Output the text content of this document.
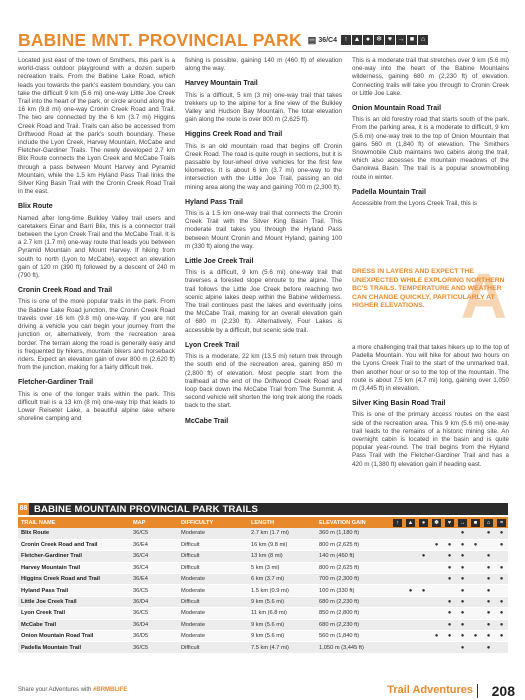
BABINE MNT. PROVINCIAL PARK ▤ 36/C4	↑ ▲ ● ❄ ♥ → ■ ⌂

Located just east of the town of Smithers, this park is a world-class outdoor playground with a dozen superb recreation trails. From the Babine Lake Road, which leads you towards the park's eastern boundary, you can take the difficult 9 km (5.6 mi) one-way Little Joe Creek Trail into the heart of the park, or circle around along the 16 km (9.8 mi) one-way Cronin Creek Road and Trail. The two are connected by the 6 km (3.7 mi) Higgins Creek Road and Trail. Trails can also be accessed from Driftwood Road at the park's south boundary. These include the Lyon Creek, Harvey Mountain, McCabe and Fletcher-Gardiner Trails. The newly developed 2.7 km Blix Route connects the Lyon Creek and McCabe Trails through a pass between Mount Harvey and Pyramid Mountain, while the 1.5 km Hyland Pass Trail links the Silver King Basin Trail with the Cronin Creek Road Trail in the east.

Blix Route

Named after long-time Bulkley Valley trail users and caretakers Einar and Barri Blix, this is a connector trail between the Lyon Creek Trail and the McCabe Trail. It is a 2.7 km (1.7 mi) one-way route that leads you between Pyramid Mountain and Mount Harvey. If hiking from south to north (Lyon to McCabe), expect an elevation gain of 120 m (390 ft) followed by a descent of 240 m (790 ft).

Cronin Creek Road and Trail

This is one of the more popular trails in the park. From the Babine Lake Road junction, the Cronin Creek Road travels over 16 km (9.8 mi) one-way. If you are not driving a vehicle you can begin your journey from the junction or, alternatively, from the recreation area border. The terrain along the road is generally easy and is frequented by hikers, mountain bikers and horseback riders. Expect an elevation gain of over 800 m (2,620 ft) from the junction, making for a fairly difficult trek.

Fletcher-Gardiner Trail

This is one of the longer trails within the park. This difficult trail is a 13 km (8 mi) one-way trip that leads to Lower Reiseter Lake, a beautiful alpine lake where shoreline camping and

fishing is possible, gaining 140 m (460 ft) of elevation along the way.

Harvey Mountain Trail

This is a difficult, 5 km (3 mi) one-way trail that takes trekkers up to the alpine for a fine view of the Bulkley Valley and Hudson Bay Mountain. The total elevation gain along the route is over 800 m (2,625 ft).

Higgins Creek Road and Trail

This is an old mountain road that begins off Cronin Creek Road. The road is quite rough in sections, but it is passable by four-wheel drive vehicles for the first few kilometres. It is about 6 km (3.7 mi) one-way to the intersection with the Little Joe Trail, passing an old mining area along the way and gaining 700 m (2,300 ft).

Hyland Pass Trail

This is a 1.5 km one-way trail that connects the Cronin Creek Trail with the Silver King Basin Trail. This moderate trail takes you through the Hyland Pass between Mount Cronin and Mount Hyland, gaining 100 m (330 ft) along the way.

Little Joe Creek Trail

This is a difficult, 9 km (5.6 mi) one-way trail that traverses a forested slope enroute to the alpine. The trail follows the Little Joe Creek before reaching two scenic alpine lakes deep within the Babine wilderness. The trail continues past the lakes and eventually joins the McCabe Trail, making for an overall elevation gain of 680 m (2,230 ft). Alternatively, Four Lakes is accessible by a difficult, but scenic side trail.

Lyon Creek Trail

This is a moderate, 22 km (13.5 mi) return trek through the south end of the recreation area, gaining 850 m (2,800 ft) of elevation. Most people start from the trailhead at the end of the Driftwood Creek Road and loop back down the McCabe Trail from The Summit. A second vehicle will shorten the long trek along the roads back to the start.

McCabe Trail

This is a moderate trail that stretches over 9 km (5.6 mi) one-way into the heart of the Babine Mountains wilderness, gaining 680 m (2,230 ft) of elevation. Connecting trails will take you through to Cronin Creek or Little Joe Lake.

Onion Mountain Road Trail

This is an old forestry road that starts south of the park. From the parking area, it is a moderate to difficult, 9 km (5.6 mi) one-way trek to the top of Onion Mountain that gains 560 m (1,840 ft) of elevation. The Smithers Snowmobile Club maintains two cabins along the trail, which also accesses the mountain meadows of the Ganokwa Basin. The trail is a popular snowmobiling route in winter.

Padella Mountain Trail

Accessible from the Lyons Creek Trail, this is

A
DRESS IN LAYERS AND EXPECT THE UNEXPECTED WHILE EXPLORING NORTHERN BC'S TRAILS. TEMPERATURE AND WEATHER CAN CHANGE QUICKLY, PARTICULARLY AT HIGHER ELEVATIONS.

a more challenging trail that takes hikers up to the top of Padella Mountain. You will hike for about two hours on the Lyons Creek Trail to the start of the unmarked trail, then another hour or so to the top of the mountain. The route is about 7.5 km (4.7 mi) long, gaining over 1,050 m (3,445 ft) in elevation.

Silver King Basin Road Trail

This is one of the primary access routes on the east side of the recreation area. This 9 km (5.6 mi) one-way trail leads to the remains of a historic mining site. An overnight cabin is located in the basin and is quite popular year-round. The trail begins from the Hyland Pass Trail with the Fletcher-Gardiner Trail and has a 420 m (1,380 ft) elevation gain if heading east.

88 BABINE MOUNTAIN PROVINCIAL PARK TRAILS
TRAIL NAME	MAP	DIFFICULTY	LENGTH	ELEVATION GAIN	↑	▲	●	❄	♥	→	■	⌂	≈
Blix Route	36/C5	Moderate	2.7 km (1.7 mi)	360 m (1,180 ft)						●		●	●
Cronin Creek Road and Trail	36/E4	Difficult	16 km (9.8 mi)	800 m (2,625 ft)				●	●	●	●		●
Fletcher-Gardiner Trail	36/C4	Difficult	13 km (8 mi)	140 m (460 ft)			●		●	●		●	
Harvey Mountain Trail	36/C4	Difficult	5 km (3 mi)	800 m (2,625 ft)					●	●		●	●
Higgins Creek Road and Trail	36/E4	Moderate	6 km (3.7 mi)	700 m (2,300 ft)					●	●		●	●
Hyland Pass Trail	36/C5	Moderate	1.5 km (0.9 mi)	100 m (330 ft)		●	●			●		●	
Little Joe Creek Trail	36/D4	Difficult	9 km (5.6 mi)	680 m (2,230 ft)					●	●		●	●
Lyon Creek Trail	36/C5	Moderate	11 km (6.8 mi)	850 m (2,800 ft)					●	●		●	●
McCabe Trail	36/D4	Moderate	9 km (5.6 mi)	680 m (2,230 ft)					●	●		●	●
Onion Mountain Road Trail	36/D5	Moderate	9 km (5.6 mi)	560 m (1,840 ft)				●	●	●	●	●	●
Padella Mountain Trail	36/C5	Difficult	7.5 km (4.7 mi)	1,050 m (3,445 ft)						●		●	
Share your Adventures with #BRMBLIFE	Trail Adventures 208
